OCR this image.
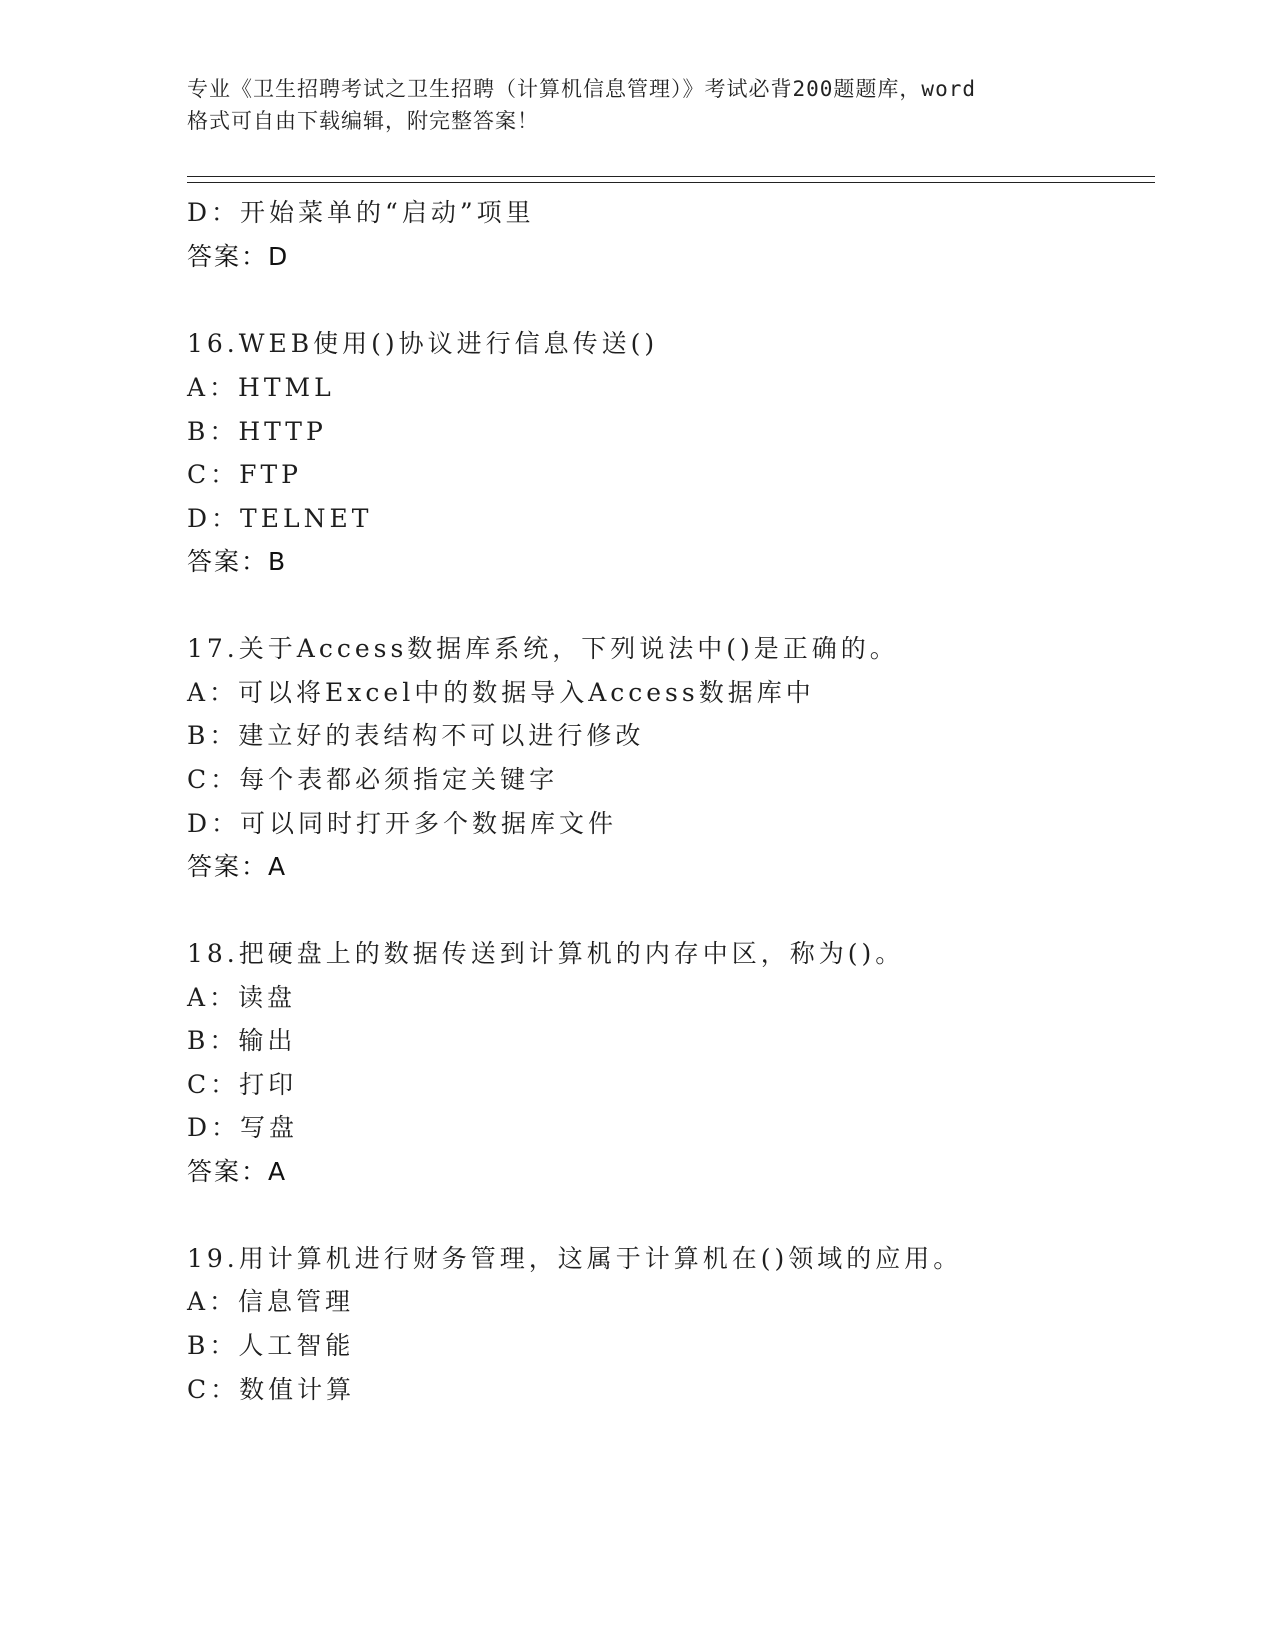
专业《卫生招聘考试之卫生招聘（计算机信息管理）》考试必背200题题库，word
格式可自由下载编辑，附完整答案！
D：开始菜单的“启动”项里
答案：D
16.WEB使用()协议进行信息传送()
A：HTML
B：HTTP
C：FTP
D：TELNET
答案：B
17.关于Access数据库系统，下列说法中()是正确的。
A：可以将Excel中的数据导入Access数据库中
B：建立好的表结构不可以进行修改
C：每个表都必须指定关键字
D：可以同时打开多个数据库文件
答案：A
18.把硬盘上的数据传送到计算机的内存中区，称为()。
A：读盘
B：输出
C：打印
D：写盘
答案：A
19.用计算机进行财务管理，这属于计算机在()领域的应用。
A：信息管理
B：人工智能
C：数值计算
